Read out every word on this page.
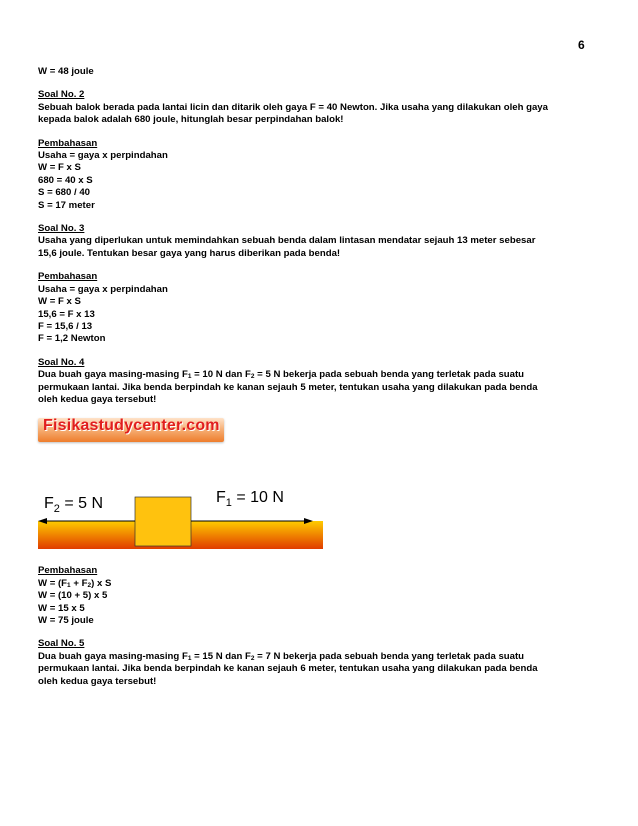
6
W = 48 joule
Soal No. 2
Sebuah balok berada pada lantai licin dan ditarik oleh gaya F = 40 Newton. Jika usaha yang dilakukan oleh gaya
kepada balok adalah 680 joule, hitunglah besar perpindahan balok!
Pembahasan
Usaha = gaya x perpindahan
W = F x S
680 = 40 x S
S = 680 / 40
S = 17 meter
Soal No. 3
Usaha yang diperlukan untuk memindahkan sebuah benda dalam lintasan mendatar sejauh 13 meter sebesar
15,6 joule. Tentukan besar gaya yang harus diberikan pada benda!
Pembahasan
Usaha = gaya x perpindahan
W = F x S
15,6 = F x 13
F = 15,6 / 13
F = 1,2 Newton
Soal No. 4
Dua buah gaya masing-masing $F_1 = 10$ N dan $F_2 = 5$ N bekerja pada sebuah benda yang terletak pada suatu
permukaan lantai. Jika benda berpindah ke kanan sejauh 5 meter, tentukan usaha yang dilakukan pada benda
oleh kedua gaya tersebut!
Fisikastudycenter.com
$F_2 = 5$ N	$F_1 = 10$ N
Pembahasan
$W = (F_1 + F_2)$ x S
W = (10 + 5) x 5
W = 15 x 5
W = 75 joule
Soal No. 5
Dua buah gaya masing-masing $F_1 = 15$ N dan $F_2 = 7$ N bekerja pada sebuah benda yang terletak pada suatu
permukaan lantai. Jika benda berpindah ke kanan sejauh 6 meter, tentukan usaha yang dilakukan pada benda
oleh kedua gaya tersebut!
